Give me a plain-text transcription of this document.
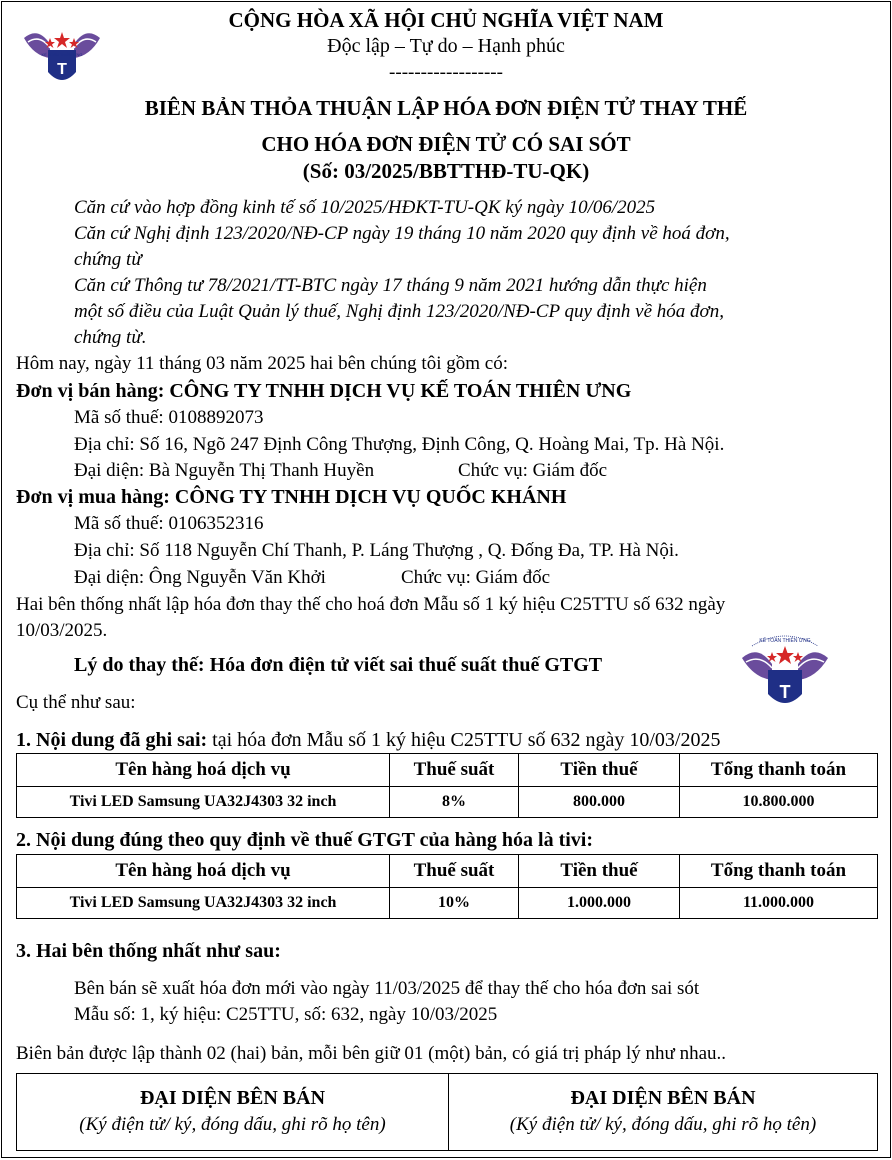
T
KẾ TOÁN THIÊN ƯNG
T
KẾ TOÁN THIÊN ƯNG
CỘNG HÒA XÃ HỘI CHỦ NGHĨA VIỆT NAM
Độc lập – Tự do – Hạnh phúc
------------------
BIÊN BẢN THỎA THUẬN LẬP HÓA ĐƠN ĐIỆN TỬ THAY THẾ
CHO HÓA ĐƠN ĐIỆN TỬ CÓ SAI SÓT
(Số: 03/2025/BBTTHĐ-TU-QK)
Căn cứ vào hợp đồng kinh tế số 10/2025/HĐKT-TU-QK ký ngày 10/06/2025
Căn cứ Nghị định 123/2020/NĐ-CP ngày 19 tháng 10 năm 2020 quy định về hoá đơn,
chứng từ
Căn cứ Thông tư 78/2021/TT-BTC ngày 17 tháng 9 năm 2021 hướng dẫn thực hiện
một số điều của Luật Quản lý thuế, Nghị định 123/2020/NĐ-CP quy định về hóa đơn,
chứng từ.
Hôm nay, ngày 11 tháng 03 năm 2025 hai bên chúng tôi gồm có:
Đơn vị bán hàng: CÔNG TY TNHH DỊCH VỤ KẾ TOÁN THIÊN ƯNG
Mã số thuế: 0108892073
Địa chỉ: Số 16, Ngõ 247 Định Công Thượng, Định Công, Q. Hoàng Mai, Tp. Hà Nội.
Đại diện: Bà Nguyễn Thị Thanh Huyền	Chức vụ: Giám đốc
Đơn vị mua hàng: CÔNG TY TNHH DỊCH VỤ QUỐC KHÁNH
Mã số thuế: 0106352316
Địa chỉ: Số 118 Nguyễn Chí Thanh, P. Láng Thượng , Q. Đống Đa, TP. Hà Nội.
Đại diện: Ông Nguyễn Văn Khởi	Chức vụ: Giám đốc
Hai bên thống nhất lập hóa đơn thay thế cho hoá đơn Mẫu số 1 ký hiệu C25TTU số 632 ngày
10/03/2025.
Lý do thay thế: Hóa đơn điện tử viết sai thuế suất thuế GTGT
Cụ thể như sau:
1. Nội dung đã ghi sai: tại hóa đơn Mẫu số 1 ký hiệu C25TTU số 632 ngày 10/03/2025
Tên hàng hoá dịch vụ	Thuế suất	Tiền thuế	Tổng thanh toán
Tivi LED Samsung UA32J4303 32 inch	8%	800.000	10.800.000
2. Nội dung đúng theo quy định về thuế GTGT của hàng hóa là tivi:
Tên hàng hoá dịch vụ	Thuế suất	Tiền thuế	Tổng thanh toán
Tivi LED Samsung UA32J4303 32 inch	10%	1.000.000	11.000.000
3. Hai bên thống nhất như sau:
Bên bán sẽ xuất hóa đơn mới vào ngày 11/03/2025 để thay thế cho hóa đơn sai sót
Mẫu số: 1, ký hiệu: C25TTU, số: 632, ngày 10/03/2025
Biên bản được lập thành 02 (hai) bản, mỗi bên giữ 01 (một) bản, có giá trị pháp lý như nhau..
ĐẠI DIỆN BÊN BÁN
(Ký điện tử/ ký, đóng dấu, ghi rõ họ tên)

ĐẠI DIỆN BÊN BÁN
(Ký điện tử/ ký, đóng dấu, ghi rõ họ tên)
